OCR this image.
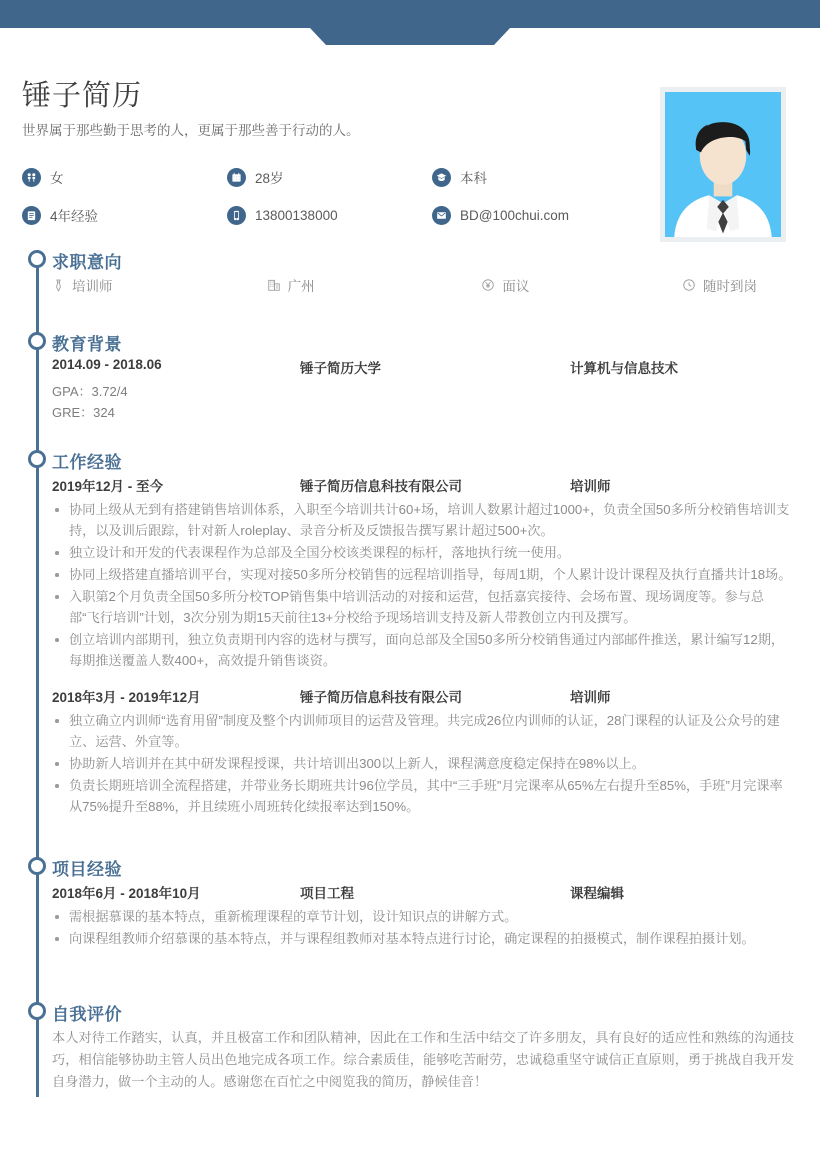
锤子简历
世界属于那些勤于思考的人，更属于那些善于行动的人。
女	28岁	本科
4年经验	13800138000	BD@100chui.com
求职意向
培训师	广州	面议	随时到岗
教育背景
2014.09 - 2018.06	锤子简历大学	计算机与信息技术
GPA：3.72/4
GRE：324
工作经验
2019年12月 - 至今	锤子简历信息科技有限公司	培训师
协同上级从无到有搭建销售培训体系，入职至今培训共计60+场，培训人数累计超过1000+，负责全国50多所分校销售培训支持，以及训后跟踪，针对新人roleplay、录音分析及反馈报告撰写累计超过500+次。
独立设计和开发的代表课程作为总部及全国分校该类课程的标杆，落地执行统一使用。
协同上级搭建直播培训平台，实现对接50多所分校销售的远程培训指导，每周1期，个人累计设计课程及执行直播共计18场。
入职第2个月负责全国50多所分校TOP销售集中培训活动的对接和运营，包括嘉宾接待、会场布置、现场调度等。参与总部“飞行培训”计划，3次分别为期15天前往13+分校给予现场培训支持及新人带教创立内刊及撰写。
创立培训内部期刊，独立负责期刊内容的选材与撰写，面向总部及全国50多所分校销售通过内部邮件推送，累计编写12期，每期推送覆盖人数400+，高效提升销售谈资。
2018年3月 - 2019年12月	锤子简历信息科技有限公司	培训师
独立确立内训师“选育用留”制度及整个内训师项目的运营及管理。共完成26位内训师的认证，28门课程的认证及公众号的建立、运营、外宣等。
协助新人培训并在其中研发课程授课，共计培训出300以上新人，课程满意度稳定保持在98%以上。
负责长期班培训全流程搭建，并带业务长期班共计96位学员，其中“三手班”月完课率从65%左右提升至85%，手班”月完课率从75%提升至88%，并且续班小周班转化续报率达到150%。
项目经验
2018年6月 - 2018年10月	项目工程	课程编辑
需根据慕课的基本特点，重新梳理课程的章节计划，设计知识点的讲解方式。
向课程组教师介绍慕课的基本特点，并与课程组教师对基本特点进行讨论，确定课程的拍摄模式，制作课程拍摄计划。
自我评价
本人对待工作踏实，认真，并且极富工作和团队精神，因此在工作和生活中结交了许多朋友，具有良好的适应性和熟练的沟通技巧，相信能够协助主管人员出色地完成各项工作。综合素质佳，能够吃苦耐劳，忠诚稳重坚守诚信正直原则，勇于挑战自我开发自身潜力，做一个主动的人。感谢您在百忙之中阅览我的简历，静候佳音！
